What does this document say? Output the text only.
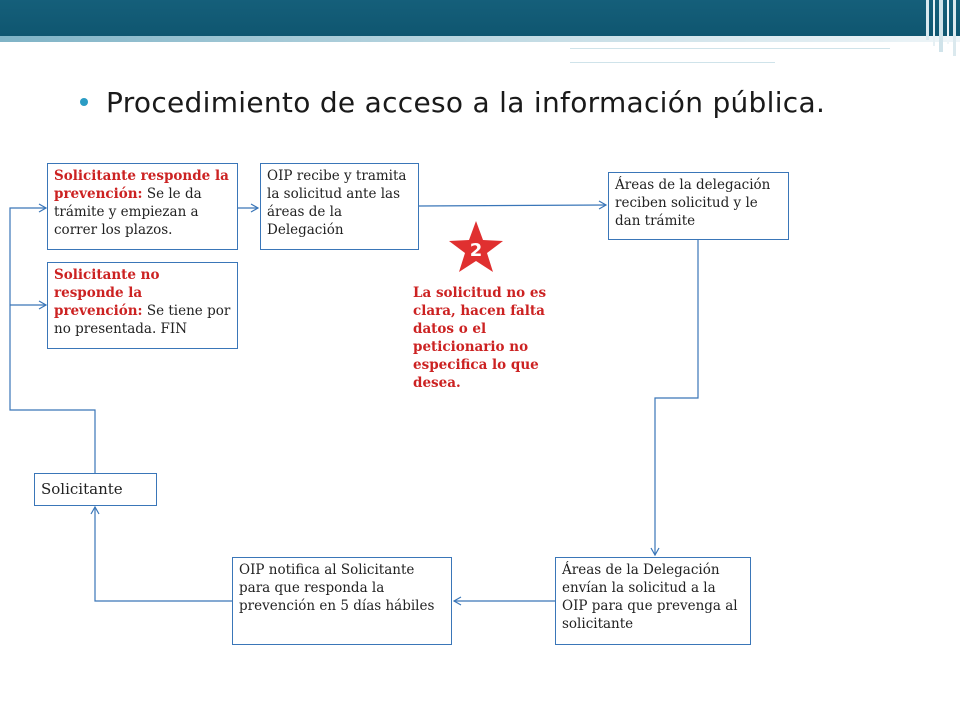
Procedimiento de acceso a la información pública.
2
Solicitante responde la prevención: Se le da trámite y empiezan a correr los plazos.
Solicitante no responde la prevención: Se tiene por no presentada. FIN
OIP recibe y tramita la solicitud ante las áreas de la Delegación
Áreas de la delegación reciben solicitud y le dan trámite
Áreas de la Delegación envían la solicitud a la OIP para que prevenga al solicitante
OIP notifica al Solicitante para que responda la prevención en 5 días hábiles
Solicitante
La solicitud no es clara, hacen falta datos o el peticionario no especifica lo que desea.
